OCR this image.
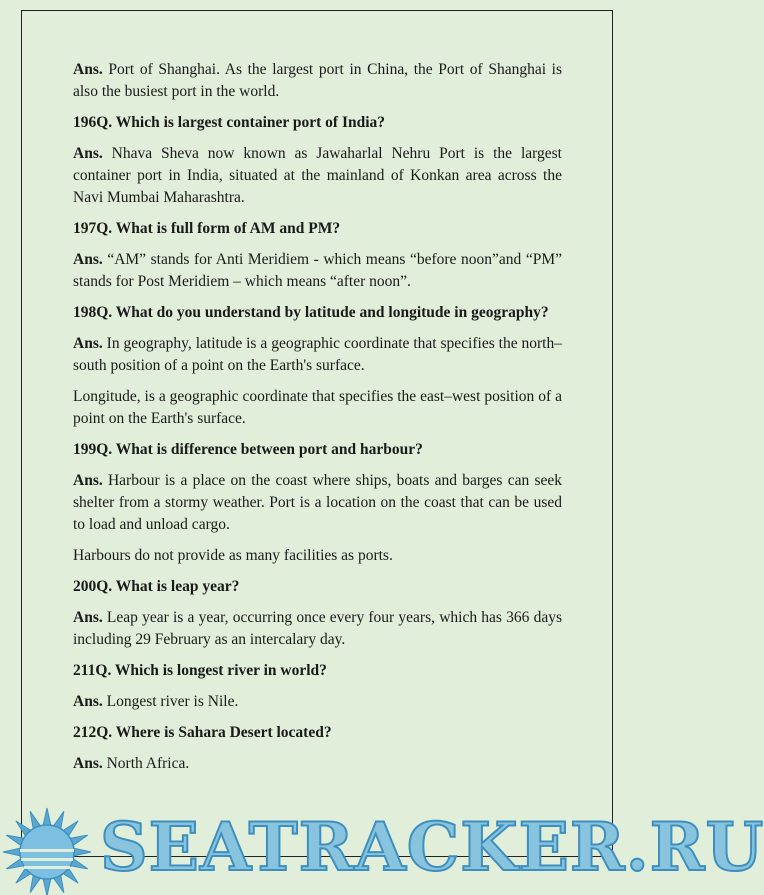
Ans. Port of Shanghai. As the largest port in China, the Port of Shanghai is also the busiest port in the world.

196Q. Which is largest container port of India?

Ans. Nhava Sheva now known as Jawaharlal Nehru Port is the largest container port in India, situated at the mainland of Konkan area across the Navi Mumbai Maharashtra.

197Q. What is full form of AM and PM?

Ans. “AM” stands for Anti Meridiem - which means “before noon”and “PM” stands for Post Meridiem – which means “after noon”.

198Q. What do you understand by latitude and longitude in geography?

Ans. In geography, latitude is a geographic coordinate that specifies the north–south position of a point on the Earth's surface.

Longitude, is a geographic coordinate that specifies the east–west position of a point on the Earth's surface.

199Q. What is difference between port and harbour?

Ans. Harbour is a place on the coast where ships, boats and barges can seek shelter from a stormy weather. Port is a location on the coast that can be used to load and unload cargo.

Harbours do not provide as many facilities as ports.

200Q. What is leap year?

Ans. Leap year is a year, occurring once every four years, which has 366 days including 29 February as an intercalary day.

211Q. Which is longest river in world?

Ans. Longest river is Nile.

212Q. Where is Sahara Desert located?

Ans. North Africa.

SEATRACKER.RU
